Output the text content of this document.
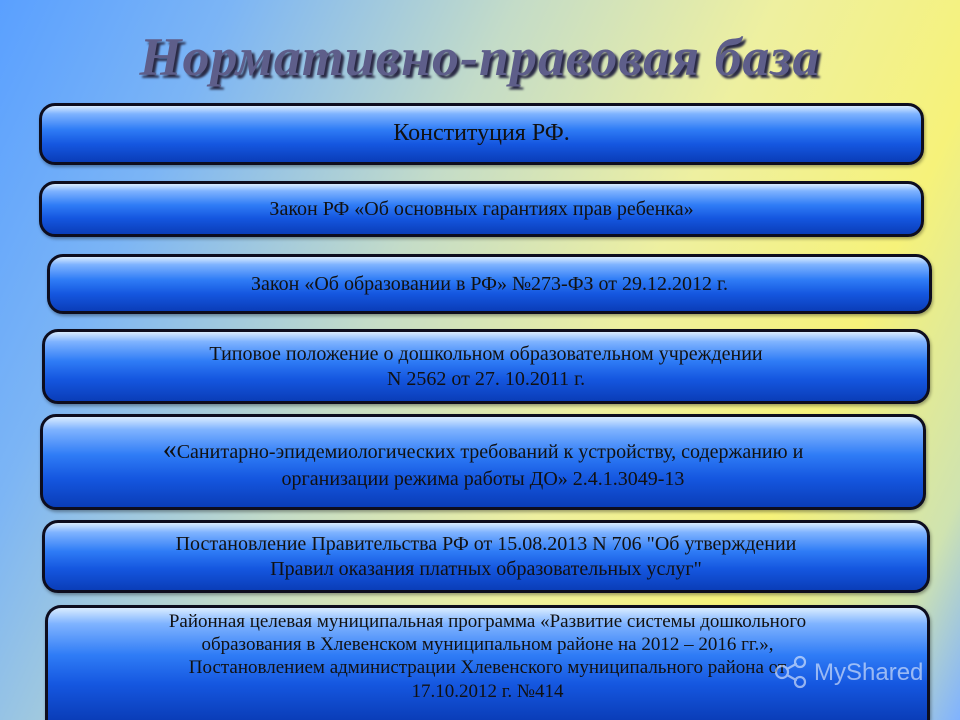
Нормативно-правовая база
Конституция РФ.
Закон РФ «Об основных гарантиях прав ребенка»
Закон «Об образовании в РФ» №273-ФЗ от 29.12.2012 г.
Типовое положение о дошкольном образовательном учреждении
N 2562 от 27. 10.2011 г.
«Санитарно-эпидемиологических требований к устройству, содержанию и
организации режима работы ДО» 2.4.1.3049-13
Постановление Правительства РФ от 15.08.2013 N 706 "Об утверждении
Правил оказания платных образовательных услуг"
Районная целевая муниципальная программа «Развитие системы дошкольного
образования в Хлевенском муниципальном районе на 2012 – 2016 гг.»,
Постановлением администрации Хлевенского муниципального района от
17.10.2012 г. №414
MyShared
